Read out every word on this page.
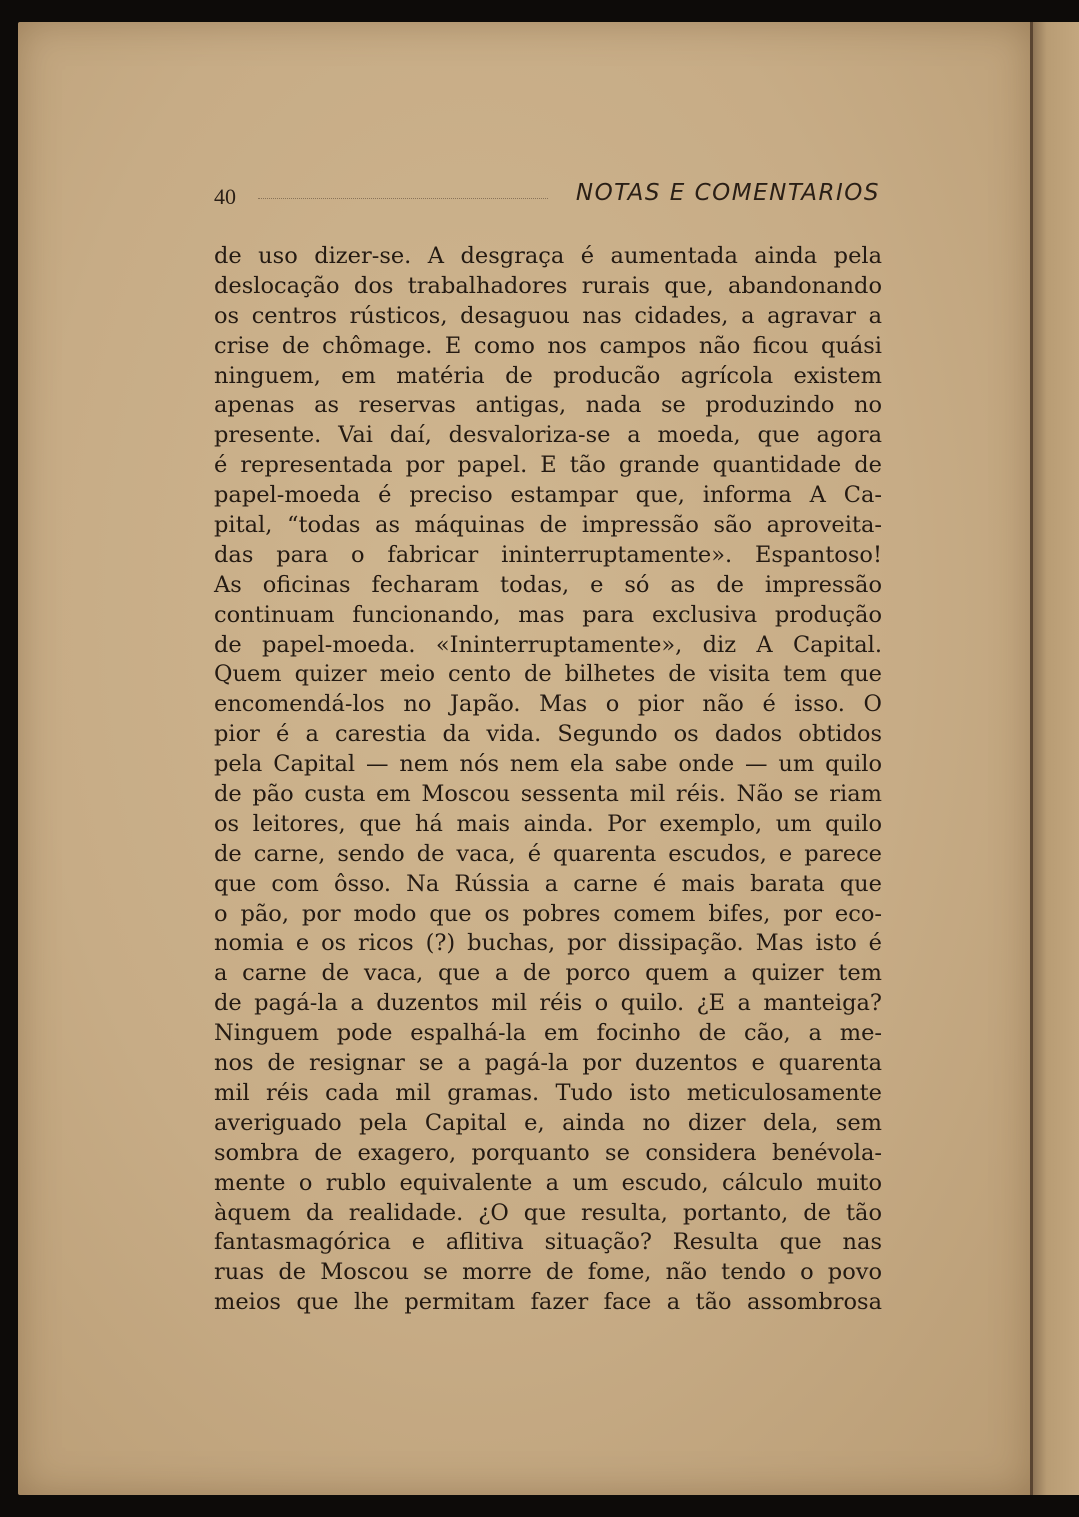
40	NOTAS E COMENTARIOS
de uso dizer-se. A desgraça é aumentada ainda pela
deslocação dos trabalhadores rurais que, abandonando
os centros rústicos, desaguou nas cidades, a agravar a
crise de chômage. E como nos campos não ficou quási
ninguem, em matéria de producão agrícola existem
apenas as reservas antigas, nada se produzindo no
presente. Vai daí, desvaloriza-se a moeda, que agora
é representada por papel. E tão grande quantidade de
papel-moeda é preciso estampar que, informa A Ca-
pital, “todas as máquinas de impressão são aproveita-
das para o fabricar ininterruptamente». Espantoso!
As oficinas fecharam todas, e só as de impressão
continuam funcionando, mas para exclusiva produção
de papel-moeda. «Ininterruptamente», diz A Capital.
Quem quizer meio cento de bilhetes de visita tem que
encomendá-los no Japão. Mas o pior não é isso. O
pior é a carestia da vida. Segundo os dados obtidos
pela Capital — nem nós nem ela sabe onde — um quilo
de pão custa em Moscou sessenta mil réis. Não se riam
os leitores, que há mais ainda. Por exemplo, um quilo
de carne, sendo de vaca, é quarenta escudos, e parece
que com ôsso. Na Rússia a carne é mais barata que
o pão, por modo que os pobres comem bifes, por eco-
nomia e os ricos (?) buchas, por dissipação. Mas isto é
a carne de vaca, que a de porco quem a quizer tem
de pagá-la a duzentos mil réis o quilo. ¿E a manteiga?
Ninguem pode espalhá-la em focinho de cão, a me-
nos de resignar se a pagá-la por duzentos e quarenta
mil réis cada mil gramas. Tudo isto meticulosamente
averiguado pela Capital e, ainda no dizer dela, sem
sombra de exagero, porquanto se considera benévola-
mente o rublo equivalente a um escudo, cálculo muito
àquem da realidade. ¿O que resulta, portanto, de tão
fantasmagórica e aflitiva situação? Resulta que nas
ruas de Moscou se morre de fome, não tendo o povo
meios que lhe permitam fazer face a tão assombrosa
